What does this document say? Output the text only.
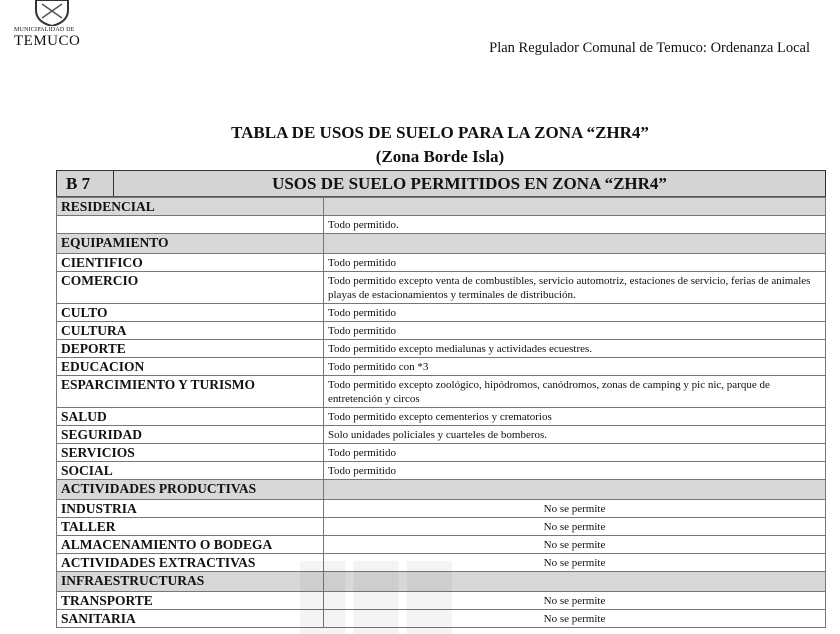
MUNICIPALIDAD DE
TEMUCO	Plan Regulador Comunal de Temuco: Ordenanza Local
TABLA DE USOS DE SUELO PARA LA ZONA “ZHR4”
(Zona Borde Isla)
B 7	USOS DE SUELO PERMITIDOS EN ZONA “ZHR4”
RESIDENCIAL	
	Todo permitido.
EQUIPAMIENTO	
CIENTIFICO	Todo permitido
COMERCIO	Todo permitido excepto venta de combustibles, servicio automotriz, estaciones de servicio, ferias de animales playas de estacionamientos y terminales de distribución.
CULTO	Todo permitido
CULTURA	Todo permitido
DEPORTE	Todo permitido excepto medialunas y actividades ecuestres.
EDUCACION	Todo permitido con *3
ESPARCIMIENTO Y TURISMO	Todo permitido excepto zoológico, hipódromos, canódromos, zonas de camping y pic nic, parque de entretención y circos
SALUD	Todo permitido excepto cementerios y crematorios
SEGURIDAD	Solo unidades policiales y cuarteles de bomberos.
SERVICIOS	Todo permitido
SOCIAL	Todo permitido
ACTIVIDADES PRODUCTIVAS	
INDUSTRIA	No se permite
TALLER	No se permite
ALMACENAMIENTO O BODEGA	No se permite
ACTIVIDADES EXTRACTIVAS	No se permite
INFRAESTRUCTURAS	
TRANSPORTE	No se permite
SANITARIA	No se permite
